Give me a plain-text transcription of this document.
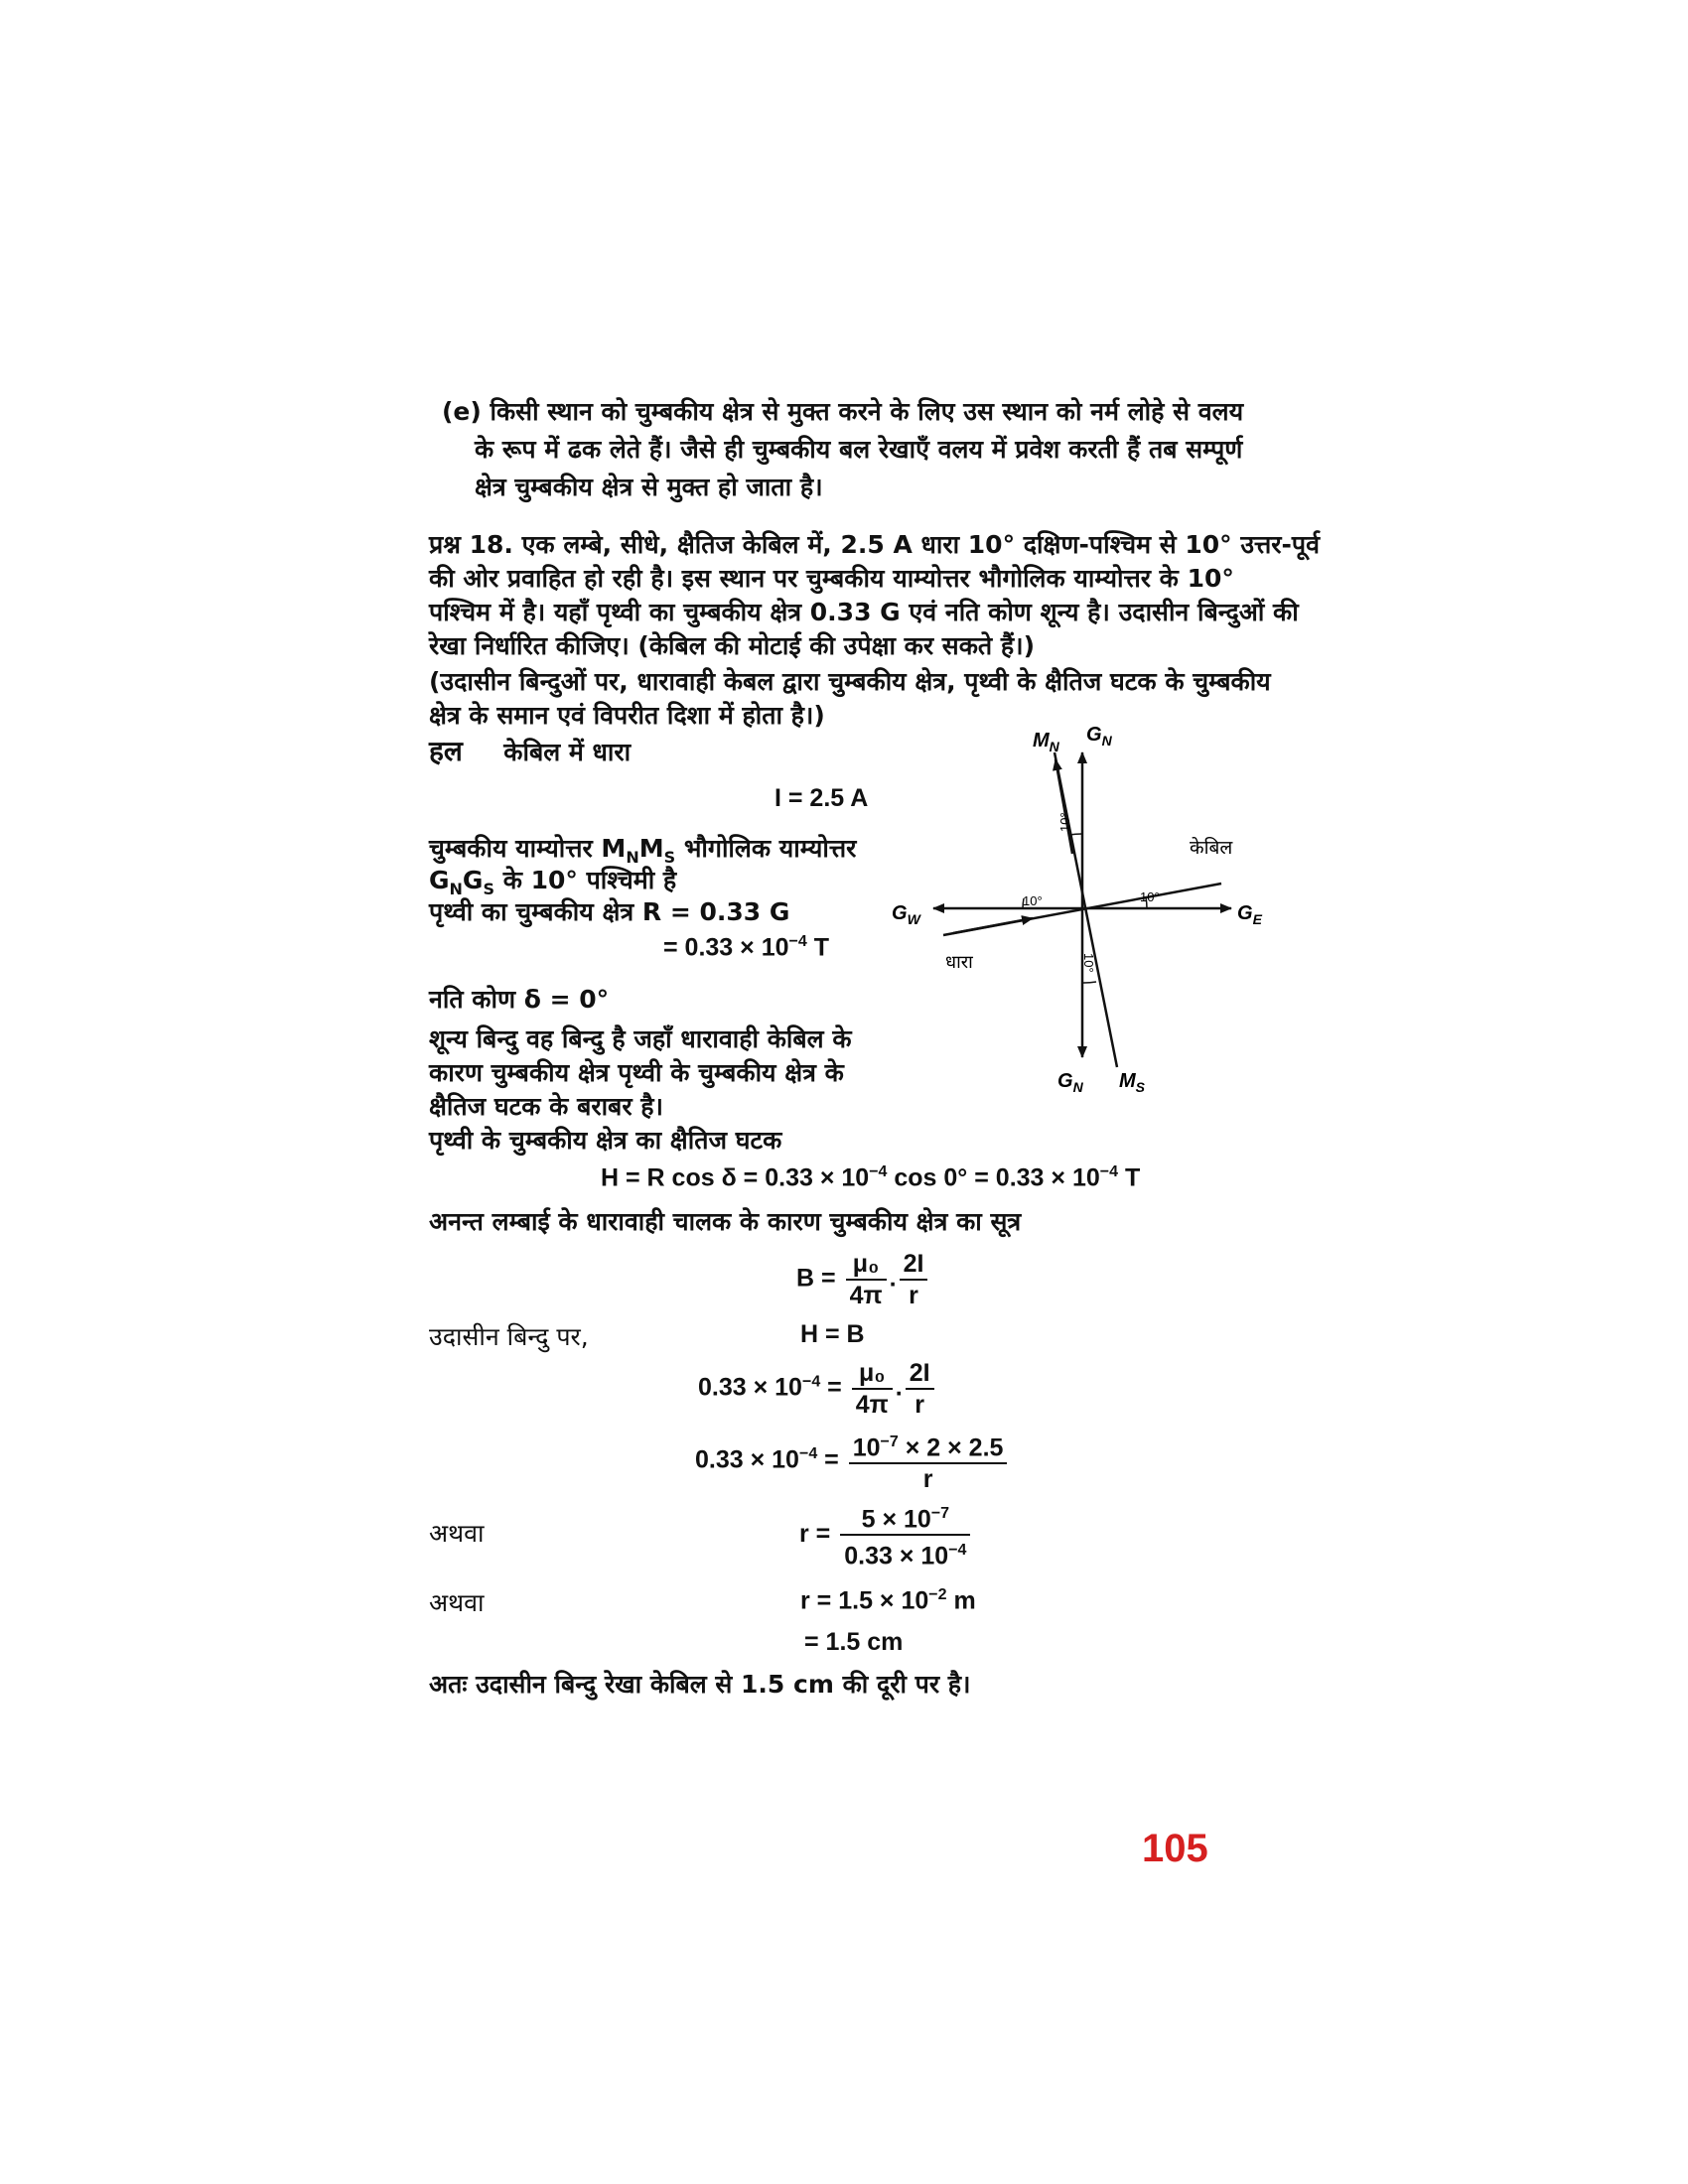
(e) किसी स्थान को चुम्बकीय क्षेत्र से मुक्त करने के लिए उस स्थान को नर्म लोहे से वलय
के रूप में ढक लेते हैं। जैसे ही चुम्बकीय बल रेखाएँ वलय में प्रवेश करती हैं तब सम्पूर्ण
क्षेत्र चुम्बकीय क्षेत्र से मुक्त हो जाता है।
प्रश्न 18. एक लम्बे, सीधे, क्षैतिज केबिल में, 2.5 A धारा 10° दक्षिण-पश्चिम से 10° उत्तर-पूर्व
की ओर प्रवाहित हो रही है। इस स्थान पर चुम्बकीय याम्योत्तर भौगोलिक याम्योत्तर के 10°
पश्चिम में है। यहाँ पृथ्वी का चुम्बकीय क्षेत्र 0.33 G एवं नति कोण शून्य है। उदासीन बिन्दुओं की
रेखा निर्धारित कीजिए। (केबिल की मोटाई की उपेक्षा कर सकते हैं।)
(उदासीन बिन्दुओं पर, धारावाही केबल द्वारा चुम्बकीय क्षेत्र, पृथ्वी के क्षैतिज घटक के चुम्बकीय
क्षेत्र के समान एवं विपरीत दिशा में होता है।)
हल केबिल में धारा
I = 2.5 A
चुम्बकीय याम्योत्तर $M_NM_S$ भौगोलिक याम्योत्तर
$G_NG_S$ के 10° पश्चिमी है
पृथ्वी का चुम्बकीय क्षेत्र R = 0.33 G
= $0.33 \times 10^{-4}$ T
नति कोण δ = 0°
शून्य बिन्दु वह बिन्दु है जहाँ धारावाही केबिल के
कारण चुम्बकीय क्षेत्र पृथ्वी के चुम्बकीय क्षेत्र के
क्षैतिज घटक के बराबर है।
पृथ्वी के चुम्बकीय क्षेत्र का क्षैतिज घटक
H = R $\cos \delta = 0.33 \times 10^{-4}$ $\cos 0^\circ = 0.33 \times 10^{-4}$ T
अनन्त लम्बाई के धारावाही चालक के कारण चुम्बकीय क्षेत्र का सूत्र
$B = \frac{\text{μ₀}}{4\pi}$ . $\frac{2I}{r}$
उदासीन बिन्दु पर,	H = B
$0.33 \times 10^{-4} = \frac{\text{μ₀}}{4\pi}$ . $\frac{2I}{r}$
$0.33 \times 10^{-4} = \frac{10^{-7} \times 2 \times 2.5}{r}$
अथवा	$r = \frac{5 \times 10^{-7}}{0.33 \times 10^{-4}}$
अथवा	$r = 1.5 \times 10^{-2}$ m
= 1.5 cm
अतः उदासीन बिन्दु रेखा केबिल से 1.5 cm की दूरी पर है।
105
$M_N$
$G_N$
$G_W$	$G_E$
$G_N$ $M_S$
केबिल
धारा
10°
10°	10°
10°
